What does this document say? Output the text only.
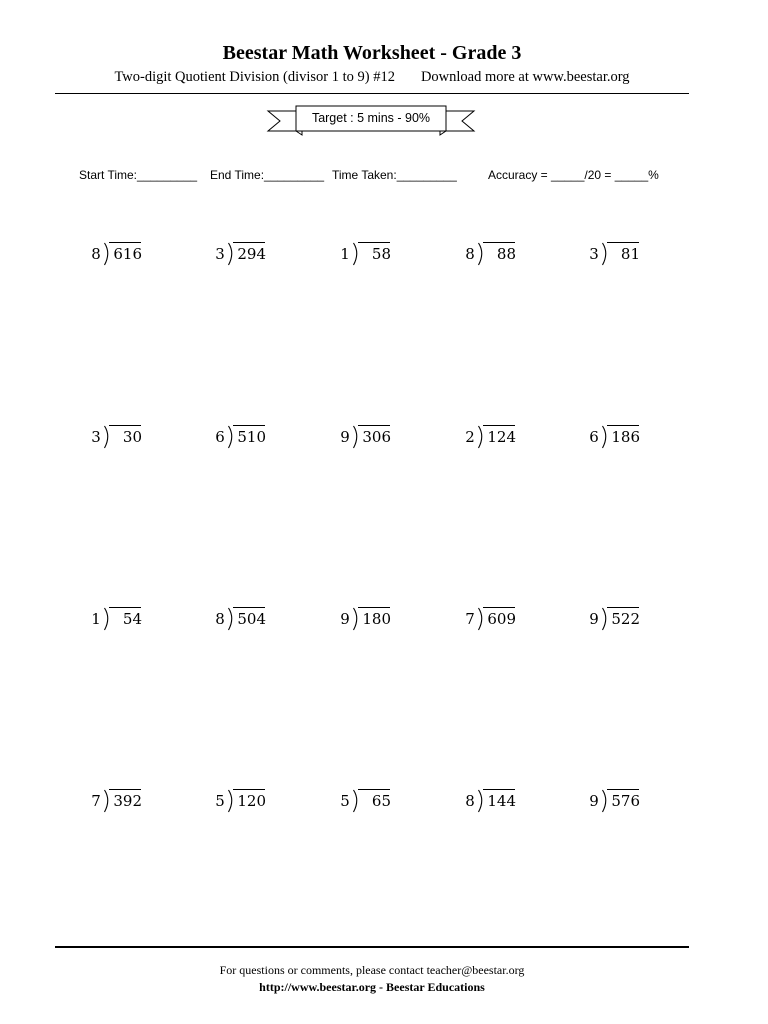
Beestar Math Worksheet - Grade 3
Two-digit Quotient Division (divisor 1 to 9) #12 Download more at www.beestar.org
Target : 5 mins - 90%
Start Time:_________ End Time:_________ Time Taken:_________	Accuracy = _____/20 = _____%
8 616	3 294	1	58	8	88	3	81
3	30	6 510	9 306	2 124	6 186
1	54	8 504	9 180	7 609	9 522
7 392	5 120	5	65	8 144	9 576
For questions or comments, please contact teacher@beestar.org
http://www.beestar.org - Beestar Educations
